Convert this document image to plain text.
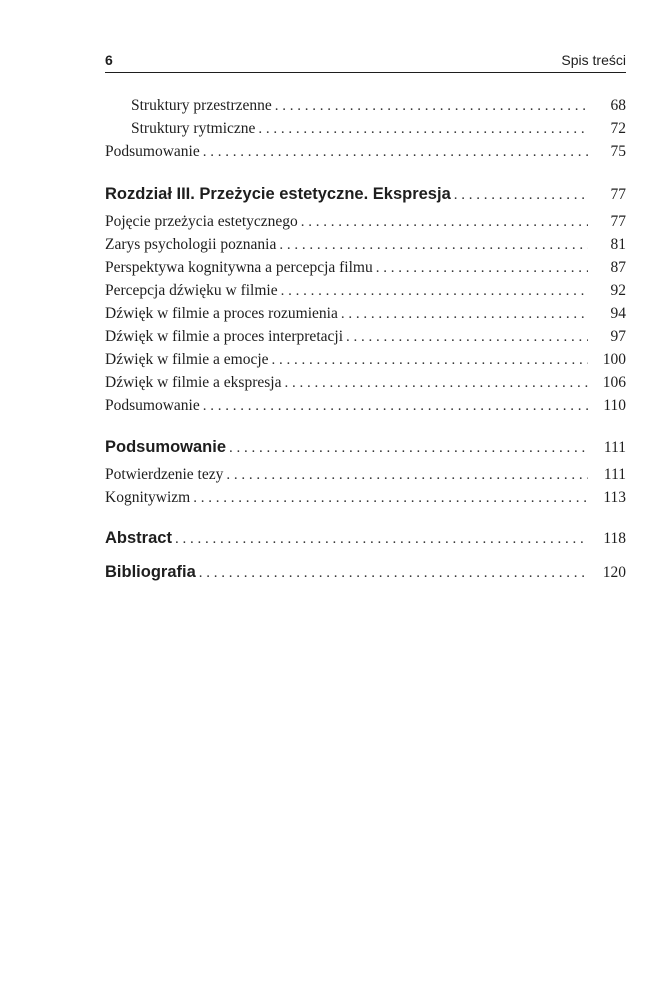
6	Spis treści
Struktury przestrzenne . . .	68
Struktury rytmiczne . . .	72
Podsumowanie . . .	75
Rozdział III. Przeżycie estetyczne. Ekspresja . . .	77
Pojęcie przeżycia estetycznego . . .	77
Zarys psychologii poznania . . .	81
Perspektywa kognitywna a percepcja filmu . . .	87
Percepcja dźwięku w filmie . . .	92
Dźwięk w filmie a proces rozumienia . . .	94
Dźwięk w filmie a proces interpretacji . . .	97
Dźwięk w filmie a emocje . . .	100
Dźwięk w filmie a ekspresja . . .	106
Podsumowanie . . .	110
Podsumowanie . . .	111
Potwierdzenie tezy . . .	111
Kognitywizm . . .	113
Abstract . . .	118
Bibliografia . . .	120
